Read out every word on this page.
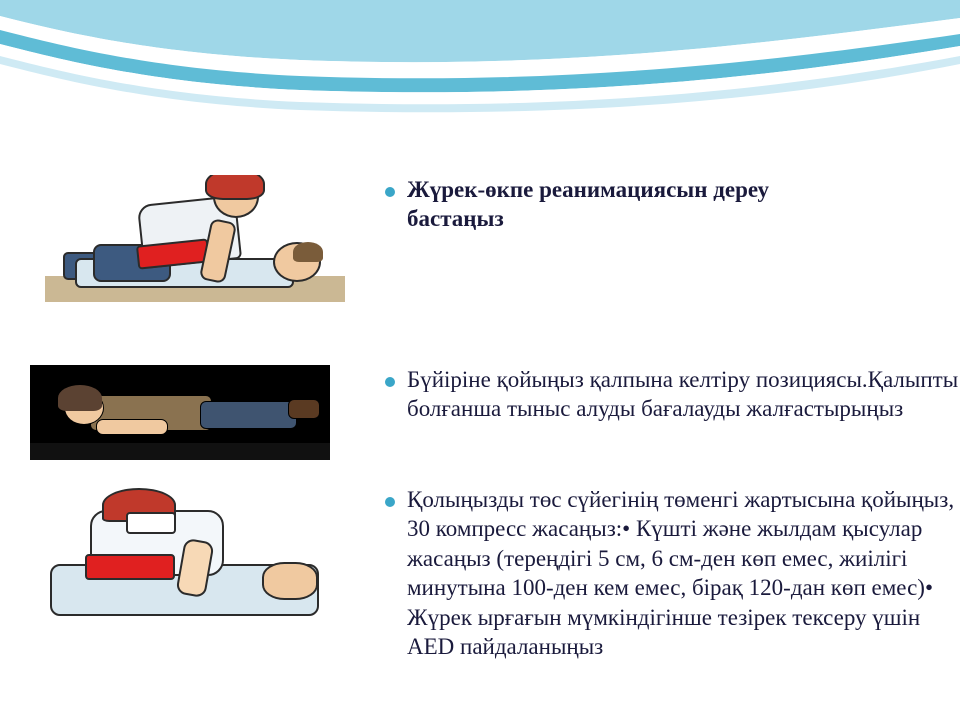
Жүрек-өкпе реанимациясын дереу бастаңыз
Бүйіріне қойыңыз қалпына келтіру позициясы.Қалыпты болғанша тыныс алуды бағалауды жалғастырыңыз
Қолыңызды төс сүйегінің төменгі жартысына қойыңыз, 30 компресс жасаңыз:• Күшті және жылдам қысулар жасаңыз (тереңдігі 5 см, 6 см-ден көп емес, жиілігі минутына 100-ден кем емес, бірақ 120-дан көп емес)• Жүрек ырғағын мүмкіндігінше тезірек тексеру үшін AED пайдаланыңыз
